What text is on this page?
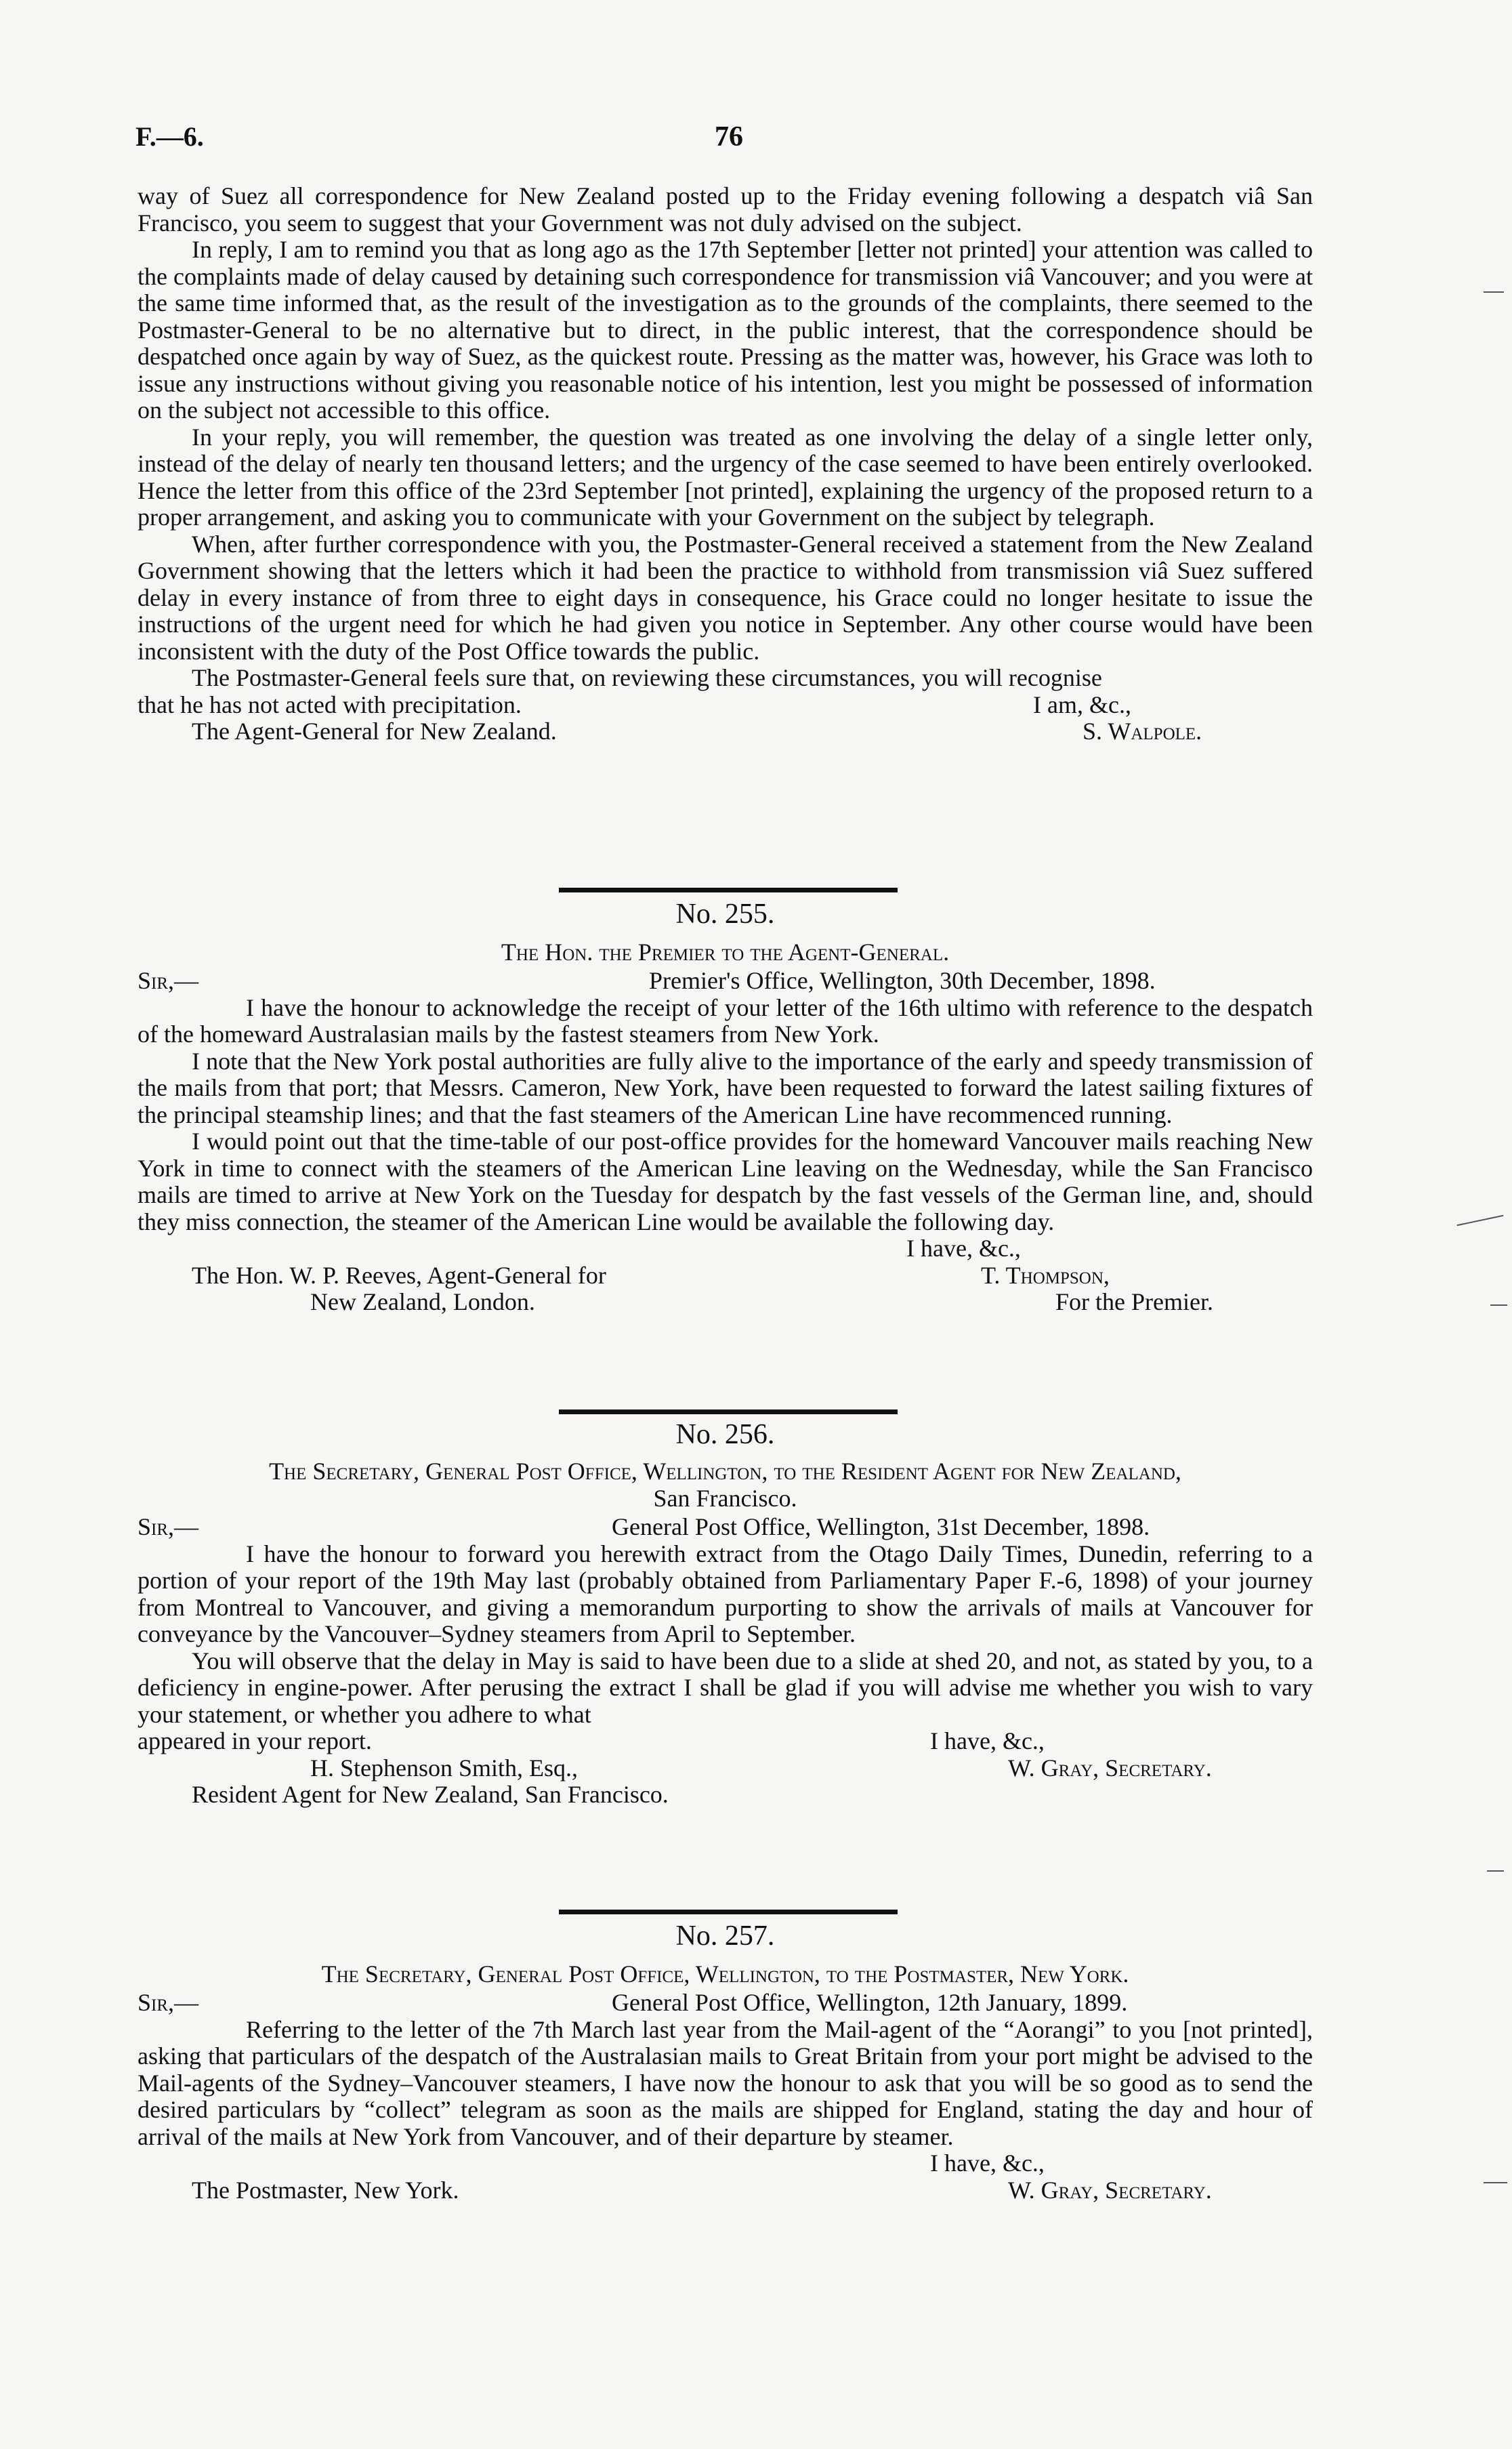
F.—6.	76

way of Suez all correspondence for New Zealand posted up to the Friday evening following a despatch viâ San Francisco, you seem to suggest that your Government was not duly advised on the subject.

In reply, I am to remind you that as long ago as the 17th September [letter not printed] your attention was called to the complaints made of delay caused by detaining such correspondence for transmission viâ Vancouver; and you were at the same time informed that, as the result of the investigation as to the grounds of the complaints, there seemed to the Postmaster-General to be no alternative but to direct, in the public interest, that the correspondence should be despatched once again by way of Suez, as the quickest route. Pressing as the matter was, however, his Grace was loth to issue any instructions without giving you reasonable notice of his intention, lest you might be possessed of information on the subject not accessible to this office.

In your reply, you will remember, the question was treated as one involving the delay of a single letter only, instead of the delay of nearly ten thousand letters; and the urgency of the case seemed to have been entirely overlooked. Hence the letter from this office of the 23rd September [not printed], explaining the urgency of the proposed return to a proper arrangement, and asking you to communicate with your Government on the subject by telegraph.

When, after further correspondence with you, the Postmaster-General received a statement from the New Zealand Government showing that the letters which it had been the practice to withhold from transmission viâ Suez suffered delay in every instance of from three to eight days in consequence, his Grace could no longer hesitate to issue the instructions of the urgent need for which he had given you notice in September. Any other course would have been inconsistent with the duty of the Post Office towards the public.

The Postmaster-General feels sure that, on reviewing these circumstances, you will recognise
that he has not acted with precipitation.	I am, &c.,
The Agent-General for New Zealand.	S. Walpole.
No. 255.
The Hon. the Premier to the Agent-General.
Sir,—	Premier's Office, Wellington, 30th December, 1898.

I have the honour to acknowledge the receipt of your letter of the 16th ultimo with reference to the despatch of the homeward Australasian mails by the fastest steamers from New York.

I note that the New York postal authorities are fully alive to the importance of the early and speedy transmission of the mails from that port; that Messrs. Cameron, New York, have been requested to forward the latest sailing fixtures of the principal steamship lines; and that the fast steamers of the American Line have recommenced running.

I would point out that the time-table of our post-office provides for the homeward Vancouver mails reaching New York in time to connect with the steamers of the American Line leaving on the Wednesday, while the San Francisco mails are timed to arrive at New York on the Tuesday for despatch by the fast vessels of the German line, and, should they miss connection, the steamer of the American Line would be available the following day.

I have, &c.,
The Hon. W. P. Reeves, Agent-General for	T. Thompson,
New Zealand, London.	For the Premier.
No. 256.
The Secretary, General Post Office, Wellington, to the Resident Agent for New Zealand,
San Francisco.
Sir,—	General Post Office, Wellington, 31st December, 1898.

I have the honour to forward you herewith extract from the Otago Daily Times, Dunedin, referring to a portion of your report of the 19th May last (probably obtained from Parliamentary Paper F.-6, 1898) of your journey from Montreal to Vancouver, and giving a memorandum purporting to show the arrivals of mails at Vancouver for conveyance by the Vancouver–Sydney steamers from April to September.

You will observe that the delay in May is said to have been due to a slide at shed 20, and not, as stated by you, to a deficiency in engine-power. After perusing the extract I shall be glad if you will advise me whether you wish to vary your statement, or whether you adhere to what

appeared in your report.	I have, &c.,
H. Stephenson Smith, Esq.,	W. Gray, Secretary.
Resident Agent for New Zealand, San Francisco.
No. 257.
The Secretary, General Post Office, Wellington, to the Postmaster, New York.
Sir,—	General Post Office, Wellington, 12th January, 1899.

Referring to the letter of the 7th March last year from the Mail-agent of the “Aorangi” to you [not printed], asking that particulars of the despatch of the Australasian mails to Great Britain from your port might be advised to the Mail-agents of the Sydney–Vancouver steamers, I have now the honour to ask that you will be so good as to send the desired particulars by “collect” telegram as soon as the mails are shipped for England, stating the day and hour of arrival of the mails at New York from Vancouver, and of their departure by steamer.

I have, &c.,
The Postmaster, New York.	W. Gray, Secretary.
